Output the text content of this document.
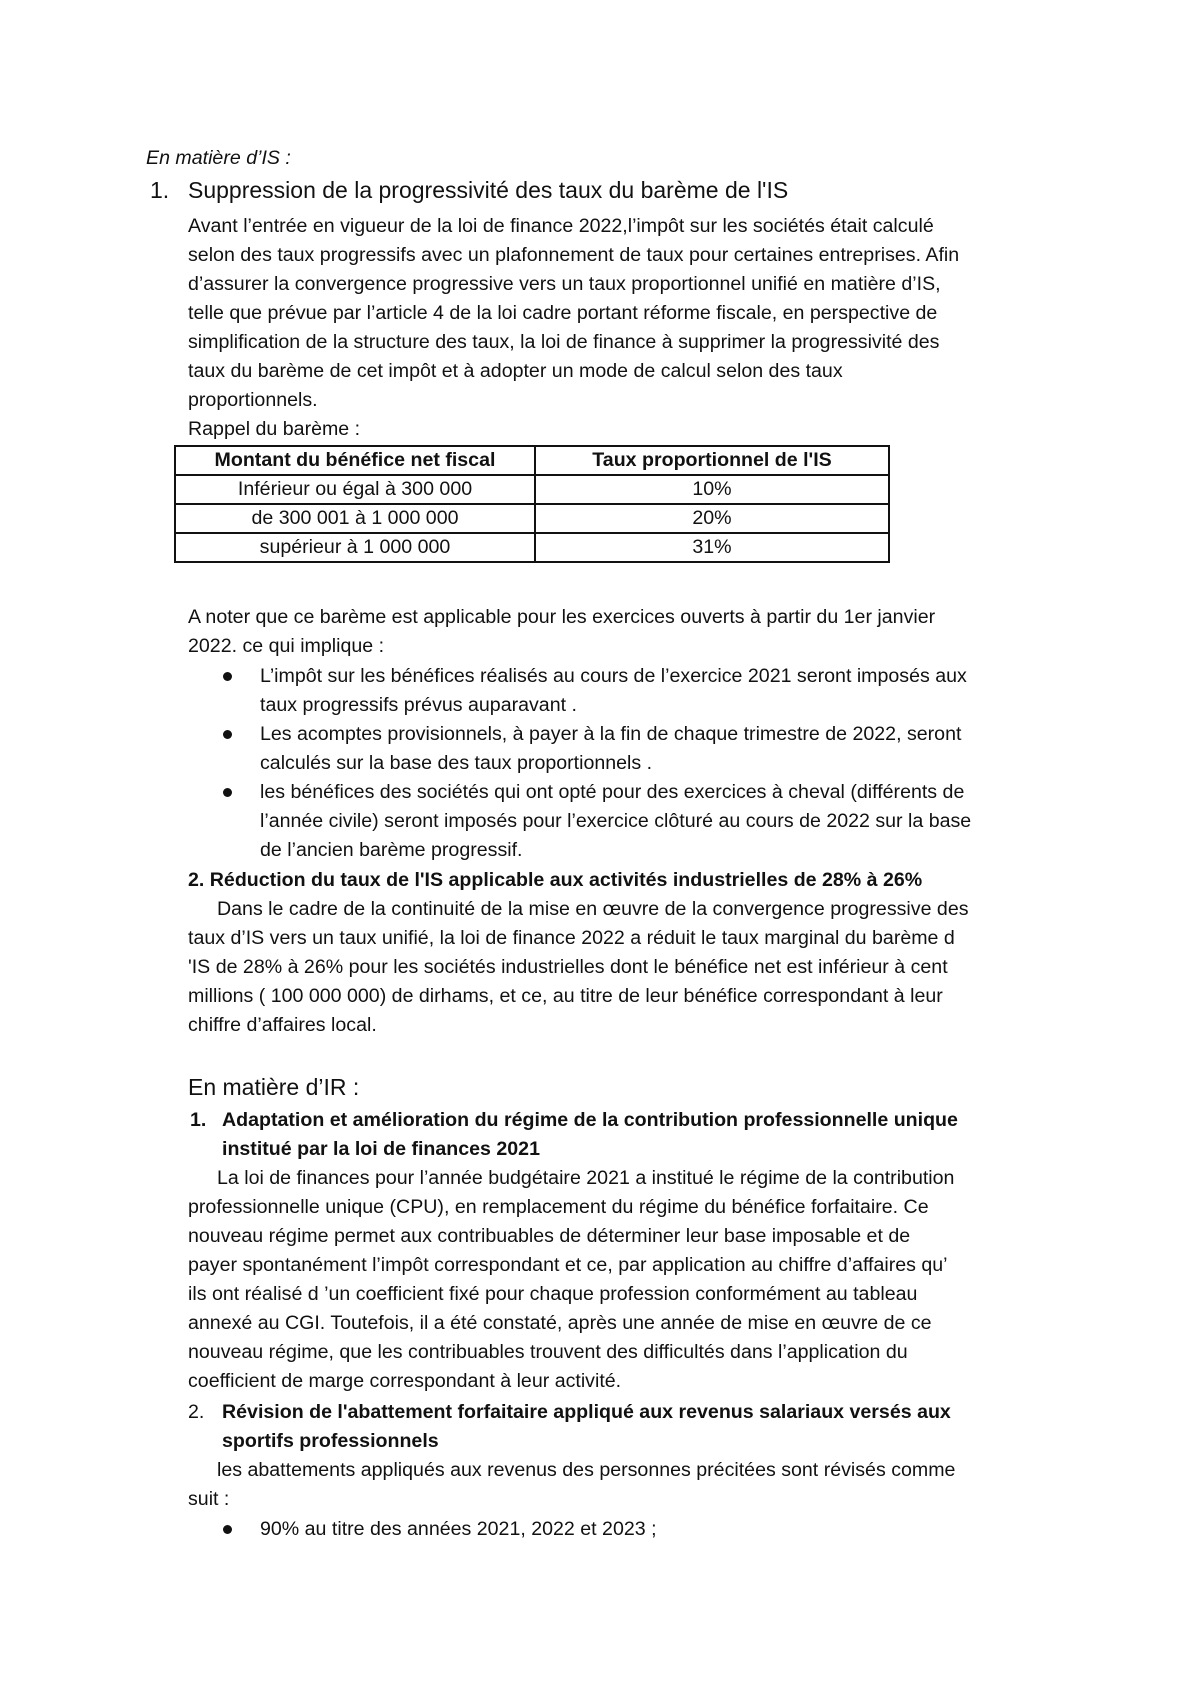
En matière d’IS :
1. Suppression de la progressivité des taux du barème de l'IS
Avant l’entrée en vigueur de la loi de finance 2022,l’impôt sur les sociétés était calculé
selon des taux progressifs avec un plafonnement de taux pour certaines entreprises. Afin
d’assurer la convergence progressive vers un taux proportionnel unifié en matière d’IS,
telle que prévue par l’article 4 de la loi cadre portant réforme fiscale, en perspective de
simplification de la structure des taux, la loi de finance à supprimer la progressivité des
taux du barème de cet impôt et à adopter un mode de calcul selon des taux
proportionnels.
Rappel du barème :
Montant du bénéfice net fiscal	Taux proportionnel de l'IS
Inférieur ou égal à 300 000	10%
de 300 001 à 1 000 000	20%
supérieur à 1 000 000	31%
A noter que ce barème est applicable pour les exercices ouverts à partir du 1er janvier
2022. ce qui implique :
L’impôt sur les bénéfices réalisés au cours de l’exercice 2021 seront imposés aux
taux progressifs prévus auparavant .
Les acomptes provisionnels, à payer à la fin de chaque trimestre de 2022, seront
calculés sur la base des taux proportionnels .
les bénéfices des sociétés qui ont opté pour des exercices à cheval (différents de
l’année civile) seront imposés pour l’exercice clôturé au cours de 2022 sur la base
de l’ancien barème progressif.
2. Réduction du taux de l'IS applicable aux activités industrielles de 28% à 26%
Dans le cadre de la continuité de la mise en œuvre de la convergence progressive des
taux d’IS vers un taux unifié, la loi de finance 2022 a réduit le taux marginal du barème d
'IS de 28% à 26% pour les sociétés industrielles dont le bénéfice net est inférieur à cent
millions ( 100 000 000) de dirhams, et ce, au titre de leur bénéfice correspondant à leur
chiffre d’affaires local.
En matière d’IR :
1. Adaptation et amélioration du régime de la contribution professionnelle unique
institué par la loi de finances 2021
La loi de finances pour l’année budgétaire 2021 a institué le régime de la contribution
professionnelle unique (CPU), en remplacement du régime du bénéfice forfaitaire. Ce
nouveau régime permet aux contribuables de déterminer leur base imposable et de
payer spontanément l’impôt correspondant et ce, par application au chiffre d’affaires qu’
ils ont réalisé d ’un coefficient fixé pour chaque profession conformément au tableau
annexé au CGI. Toutefois, il a été constaté, après une année de mise en œuvre de ce
nouveau régime, que les contribuables trouvent des difficultés dans l’application du
coefficient de marge correspondant à leur activité.
2. Révision de l'abattement forfaitaire appliqué aux revenus salariaux versés aux
sportifs professionnels
les abattements appliqués aux revenus des personnes précitées sont révisés comme
suit :
90% au titre des années 2021, 2022 et 2023 ;
